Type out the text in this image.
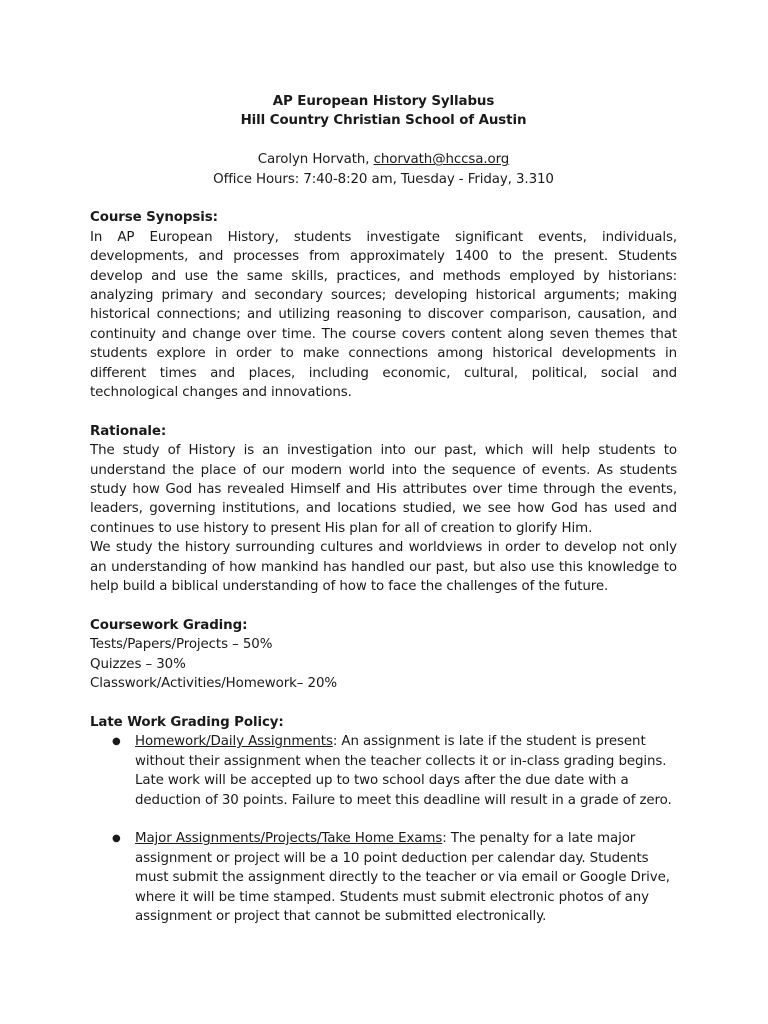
AP European History Syllabus

Hill Country Christian School of Austin

Carolyn Horvath, chorvath@hccsa.org

Office Hours: 7:40-8:20 am, Tuesday - Friday, 3.310

Course Synopsis:

In AP European History, students investigate significant events, individuals, developments, and processes from approximately 1400 to the present. Students develop and use the same skills, practices, and methods employed by historians: analyzing primary and secondary sources; developing historical arguments; making historical connections; and utilizing reasoning to discover comparison, causation, and continuity and change over time. The course covers content along seven themes that students explore in order to make connections among historical developments in different times and places, including economic, cultural, political, social and technological changes and innovations.

Rationale:

The study of History is an investigation into our past, which will help students to understand the place of our modern world into the sequence of events. As students study how God has revealed Himself and His attributes over time through the events, leaders, governing institutions, and locations studied, we see how God has used and continues to use history to present His plan for all of creation to glorify Him.

We study the history surrounding cultures and worldviews in order to develop not only an understanding of how mankind has handled our past, but also use this knowledge to help build a biblical understanding of how to face the challenges of the future.

Coursework Grading:

Tests/Papers/Projects – 50%

Quizzes – 30%

Classwork/Activities/Homework– 20%

Late Work Grading Policy:

● Homework/Daily Assignments: An assignment is late if the student is present without their assignment when the teacher collects it or in-class grading begins. Late work will be accepted up to two school days after the due date with a deduction of 30 points. Failure to meet this deadline will result in a grade of zero.
● Major Assignments/Projects/Take Home Exams: The penalty for a late major assignment or project will be a 10 point deduction per calendar day. Students must submit the assignment directly to the teacher or via email or Google Drive, where it will be time stamped. Students must submit electronic photos of any assignment or project that cannot be submitted electronically.
